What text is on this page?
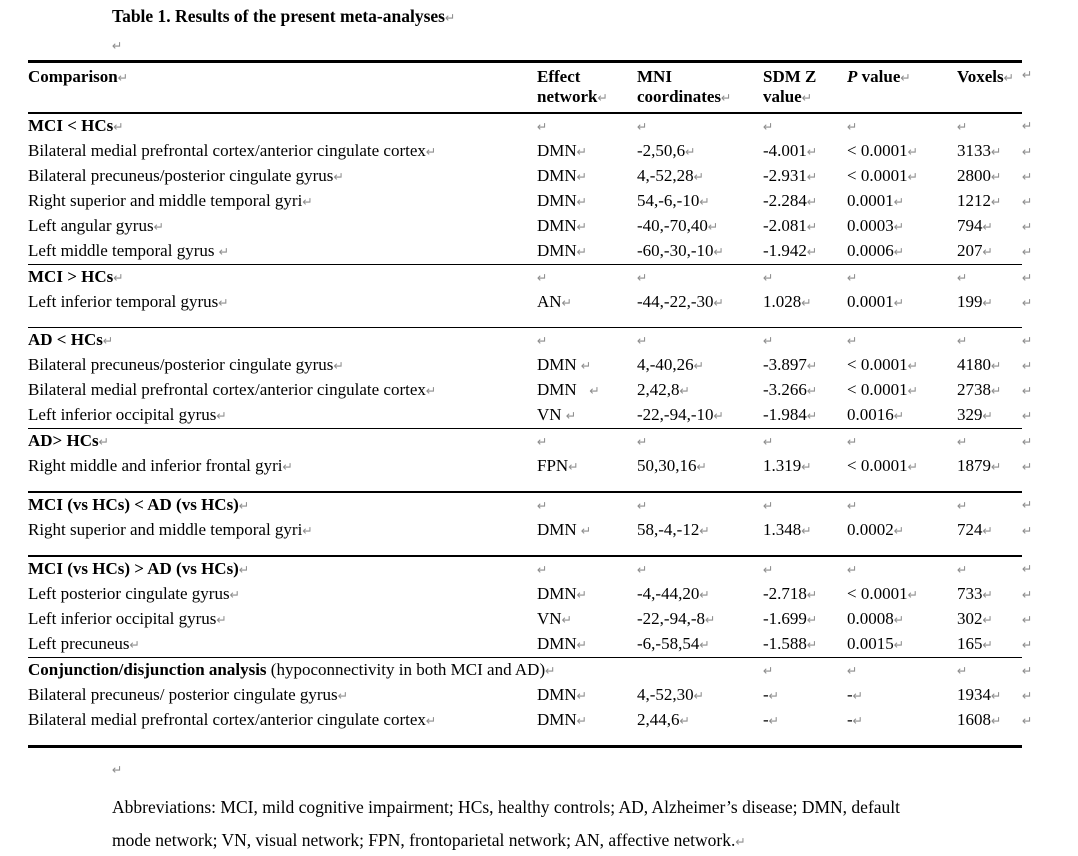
Table 1. Results of the present meta-analyses↵

↵

Comparison↵	Effect network↵	MNI coordinates↵	SDM Z value↵	P value↵	Voxels↵	↵
MCI < HCs↵	↵	↵	↵	↵	↵	↵
Bilateral medial prefrontal cortex/anterior cingulate cortex↵	DMN↵	-2,50,6↵	-4.001↵	< 0.0001↵	3133↵	↵
Bilateral precuneus/posterior cingulate gyrus↵	DMN↵	4,-52,28↵	-2.931↵	< 0.0001↵	2800↵	↵
Right superior and middle temporal gyri↵	DMN↵	54,-6,-10↵	-2.284↵	0.0001↵	1212↵	↵
Left angular gyrus↵	DMN↵	-40,-70,40↵	-2.081↵	0.0003↵	794↵	↵
Left middle temporal gyrus ↵	DMN↵	-60,-30,-10↵	-1.942↵	0.0006↵	207↵	↵
MCI > HCs↵	↵	↵	↵	↵	↵	↵
Left inferior temporal gyrus↵	AN↵	-44,-22,-30↵	1.028↵	0.0001↵	199↵	↵
AD < HCs↵	↵	↵	↵	↵	↵	↵
Bilateral precuneus/posterior cingulate gyrus↵	DMN ↵	4,-40,26↵	-3.897↵	< 0.0001↵	4180↵	↵
Bilateral medial prefrontal cortex/anterior cingulate cortex↵	DMN   ↵	2,42,8↵	-3.266↵	< 0.0001↵	2738↵	↵
Left inferior occipital gyrus↵	VN ↵	-22,-94,-10↵	-1.984↵	0.0016↵	329↵	↵
AD> HCs↵	↵	↵	↵	↵	↵	↵
Right middle and inferior frontal gyri↵	FPN↵	50,30,16↵	1.319↵	< 0.0001↵	1879↵	↵
MCI (vs HCs) < AD (vs HCs)↵	↵	↵	↵	↵	↵	↵
Right superior and middle temporal gyri↵	DMN ↵	58,-4,-12↵	1.348↵	0.0002↵	724↵	↵
MCI (vs HCs) > AD (vs HCs)↵	↵	↵	↵	↵	↵	↵
Left posterior cingulate gyrus↵	DMN↵	-4,-44,20↵	-2.718↵	< 0.0001↵	733↵	↵
Left inferior occipital gyrus↵	VN↵	-22,-94,-8↵	-1.699↵	0.0008↵	302↵	↵
Left precuneus↵	DMN↵	-6,-58,54↵	-1.588↵	0.0015↵	165↵	↵
Conjunction/disjunction analysis (hypoconnectivity in both MCI and AD)↵			↵	↵	↵	↵
Bilateral precuneus/ posterior cingulate gyrus↵	DMN↵	4,-52,30↵	-↵	-↵	1934↵	↵
Bilateral medial prefrontal cortex/anterior cingulate cortex↵	DMN↵	2,44,6↵	-↵	-↵	1608↵	↵

↵

Abbreviations: MCI, mild cognitive impairment; HCs, healthy controls; AD, Alzheimer’s disease; DMN, default mode network; VN, visual network; FPN, frontoparietal network; AN, affective network.↵
